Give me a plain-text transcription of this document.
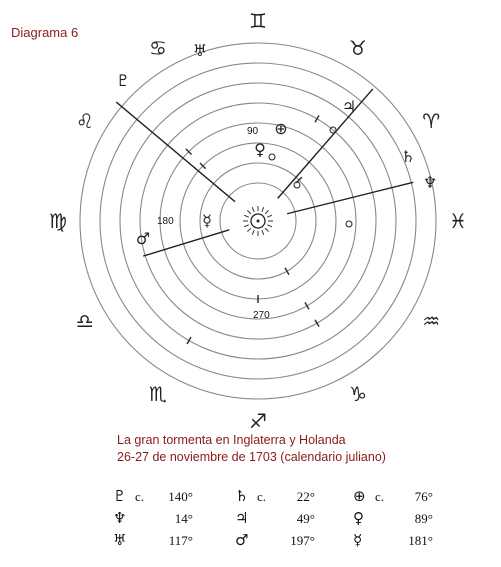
Diagrama 6	♊
♉
♈
♓
♒
♑
♐
♏
♎
♍
♌
♋
♇
♅
♆
♄
♃
♂
☿
⊕
♀
90
180
270
La gran tormenta en Inglaterra y Holanda
26-27 de noviembre de 1703 (calendario juliano)
♇ c. 140°	♄ c. 22°	⊕ c. 76°
♆	14°	♃	49°	♀	89°
♅	117°	♂	197°	☿	181°
